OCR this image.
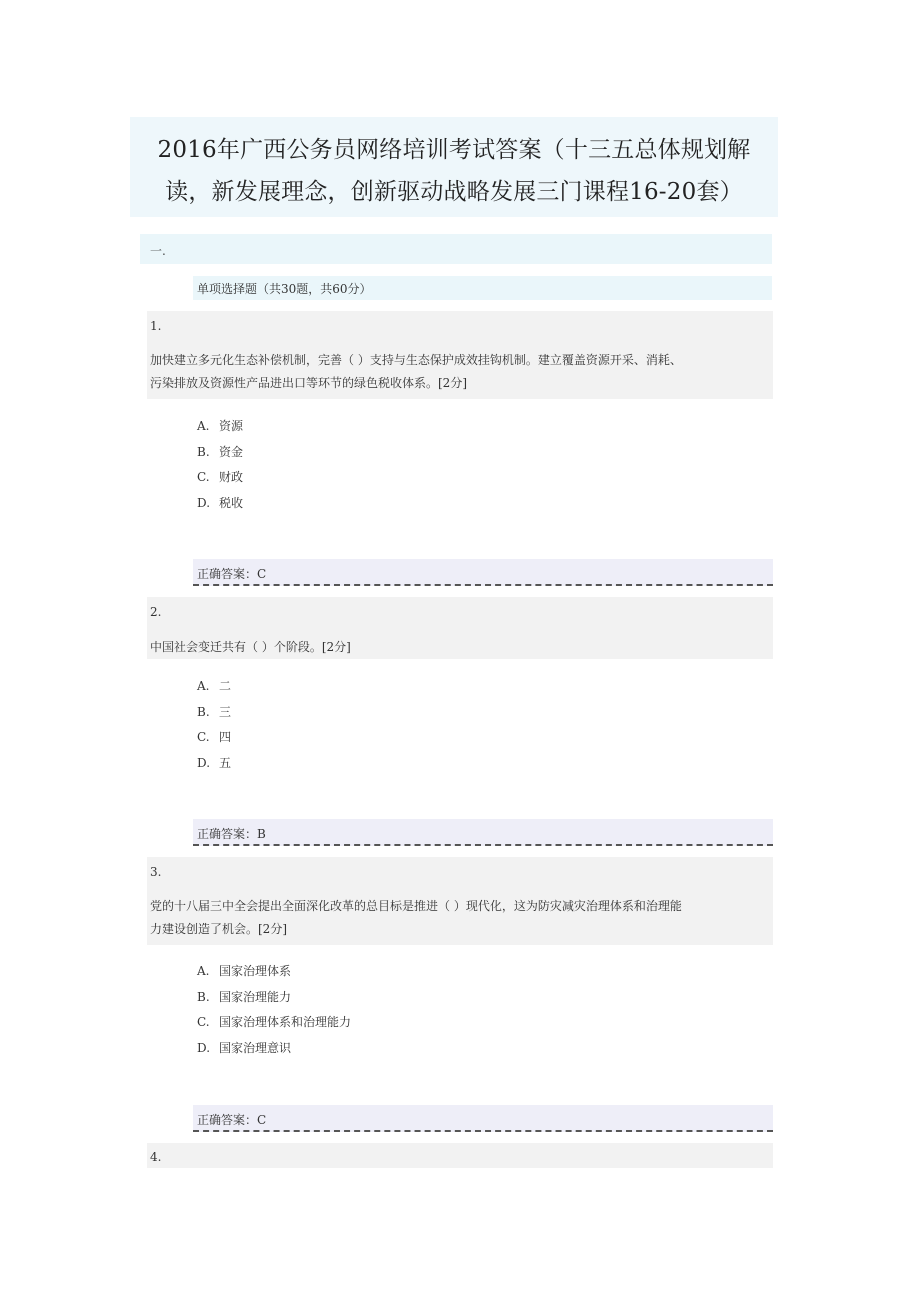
2016年广西公务员网络培训考试答案（十三五总体规划解
读，新发展理念，创新驱动战略发展三门课程16-20套）
一.
单项选择题（共30题，共60分）
1.
加快建立多元化生态补偿机制，完善（ ）支持与生态保护成效挂钩机制。建立覆盖资源开采、消耗、
污染排放及资源性产品进出口等环节的绿色税收体系。[2分]
A. 资源
B. 资金
C. 财政
D. 税收
正确答案：C
2.
中国社会变迁共有（ ）个阶段。[2分]
A. 二
B. 三
C. 四
D. 五
正确答案：B
3.
党的十八届三中全会提出全面深化改革的总目标是推进（ ）现代化，这为防灾减灾治理体系和治理能
力建设创造了机会。[2分]
A. 国家治理体系
B. 国家治理能力
C. 国家治理体系和治理能力
D. 国家治理意识
正确答案：C
4.
